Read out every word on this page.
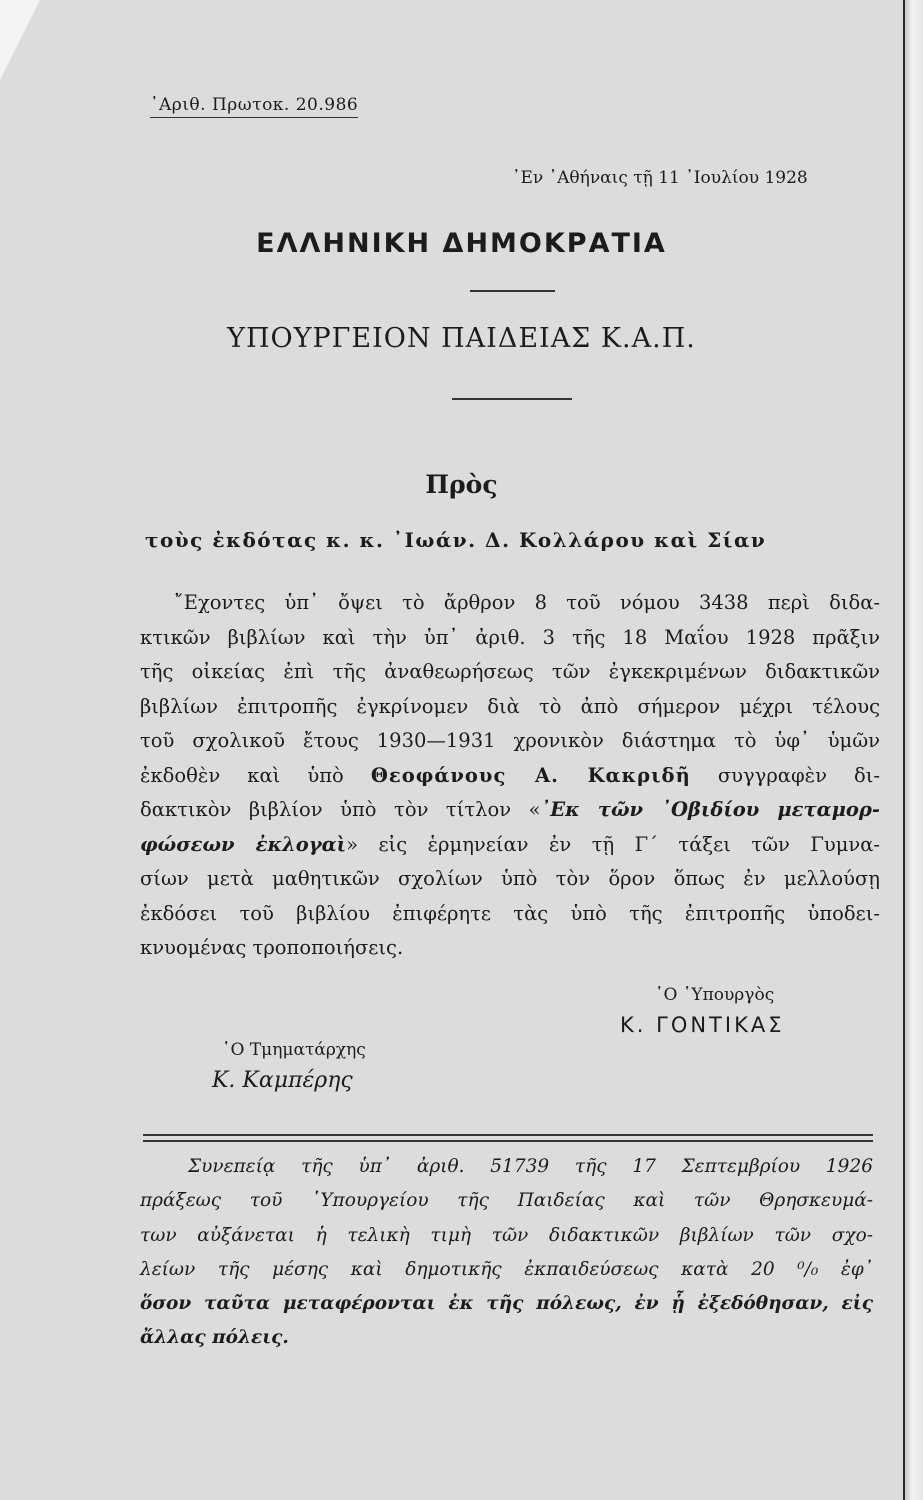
᾿Αριθ. Πρωτοκ. 20.986
᾿Εν ᾿Αθήναις τῇ 11 ᾿Ιουλίου 1928
ΕΛΛΗΝΙΚΗ ΔΗΜΟΚΡΑΤΙΑ
ΥΠΟΥΡΓΕΙΟΝ ΠΑΙΔΕΙΑΣ Κ.Α.Π.
Πρὸς
τοὺς ἐκδότας κ. κ. ᾿Ιωάν. Δ. Κολλάρου καὶ Σίαν
῎Εχοντες ὑπ᾿ ὄψει τὸ ἄρθρον 8 τοῦ νόμου 3438 περὶ διδα-
κτικῶν βιβλίων καὶ τὴν ὑπ᾿ ἀριθ. 3 τῆς 18 Μαΐου 1928 πρᾶξιν
τῆς οἰκείας ἐπὶ τῆς ἀναθεωρήσεως τῶν ἐγκεκριμένων διδακτικῶν
βιβλίων ἐπιτροπῆς ἐγκρίνομεν διὰ τὸ ἀπὸ σήμερον μέχρι τέλους
τοῦ σχολικοῦ ἔτους 1930—1931 χρονικὸν διάστημα τὸ ὑφ᾿ ὑμῶν
ἐκδοθὲν καὶ ὑπὸ Θεοφάνους Α. Κακριδῆ συγγραφὲν δι-
δακτικὸν βιβλίον ὑπὸ τὸν τίτλον «᾿Εκ τῶν ᾿Οβιδίου μεταμορ-
φώσεων ἐκλογαὶ» εἰς ἑρμηνείαν ἐν τῇ Γ΄ τάξει τῶν Γυμνα-
σίων μετὰ μαθητικῶν σχολίων ὑπὸ τὸν ὅρον ὅπως ἐν μελλούσῃ
ἐκδόσει τοῦ βιβλίου ἐπιφέρητε τὰς ὑπὸ τῆς ἐπιτροπῆς ὑποδει-
κνυομένας τροποποιήσεις.
῾Ο ῾Υπουργὸς
Κ. ΓΟΝΤΙΚΑΣ
῾Ο Τμηματάρχης
Κ. Καμπέρης
Συνεπείᾳ τῆς ὑπ᾿ ἀριθ. 51739 τῆς 17 Σεπτεμβρίου 1926
πράξεως τοῦ ῾Υπουργείου τῆς Παιδείας καὶ τῶν Θρησκευμά-
των αὐξάνεται ἡ τελικὴ τιμὴ τῶν διδακτικῶν βιβλίων τῶν σχο-
λείων τῆς μέσης καὶ δημοτικῆς ἐκπαιδεύσεως κατὰ 20 ⁰/₀ ἐφ᾿
ὅσον ταῦτα μεταφέρονται ἐκ τῆς πόλεως, ἐν ᾗ ἐξεδόθησαν, εἰς
ἄλλας πόλεις.
